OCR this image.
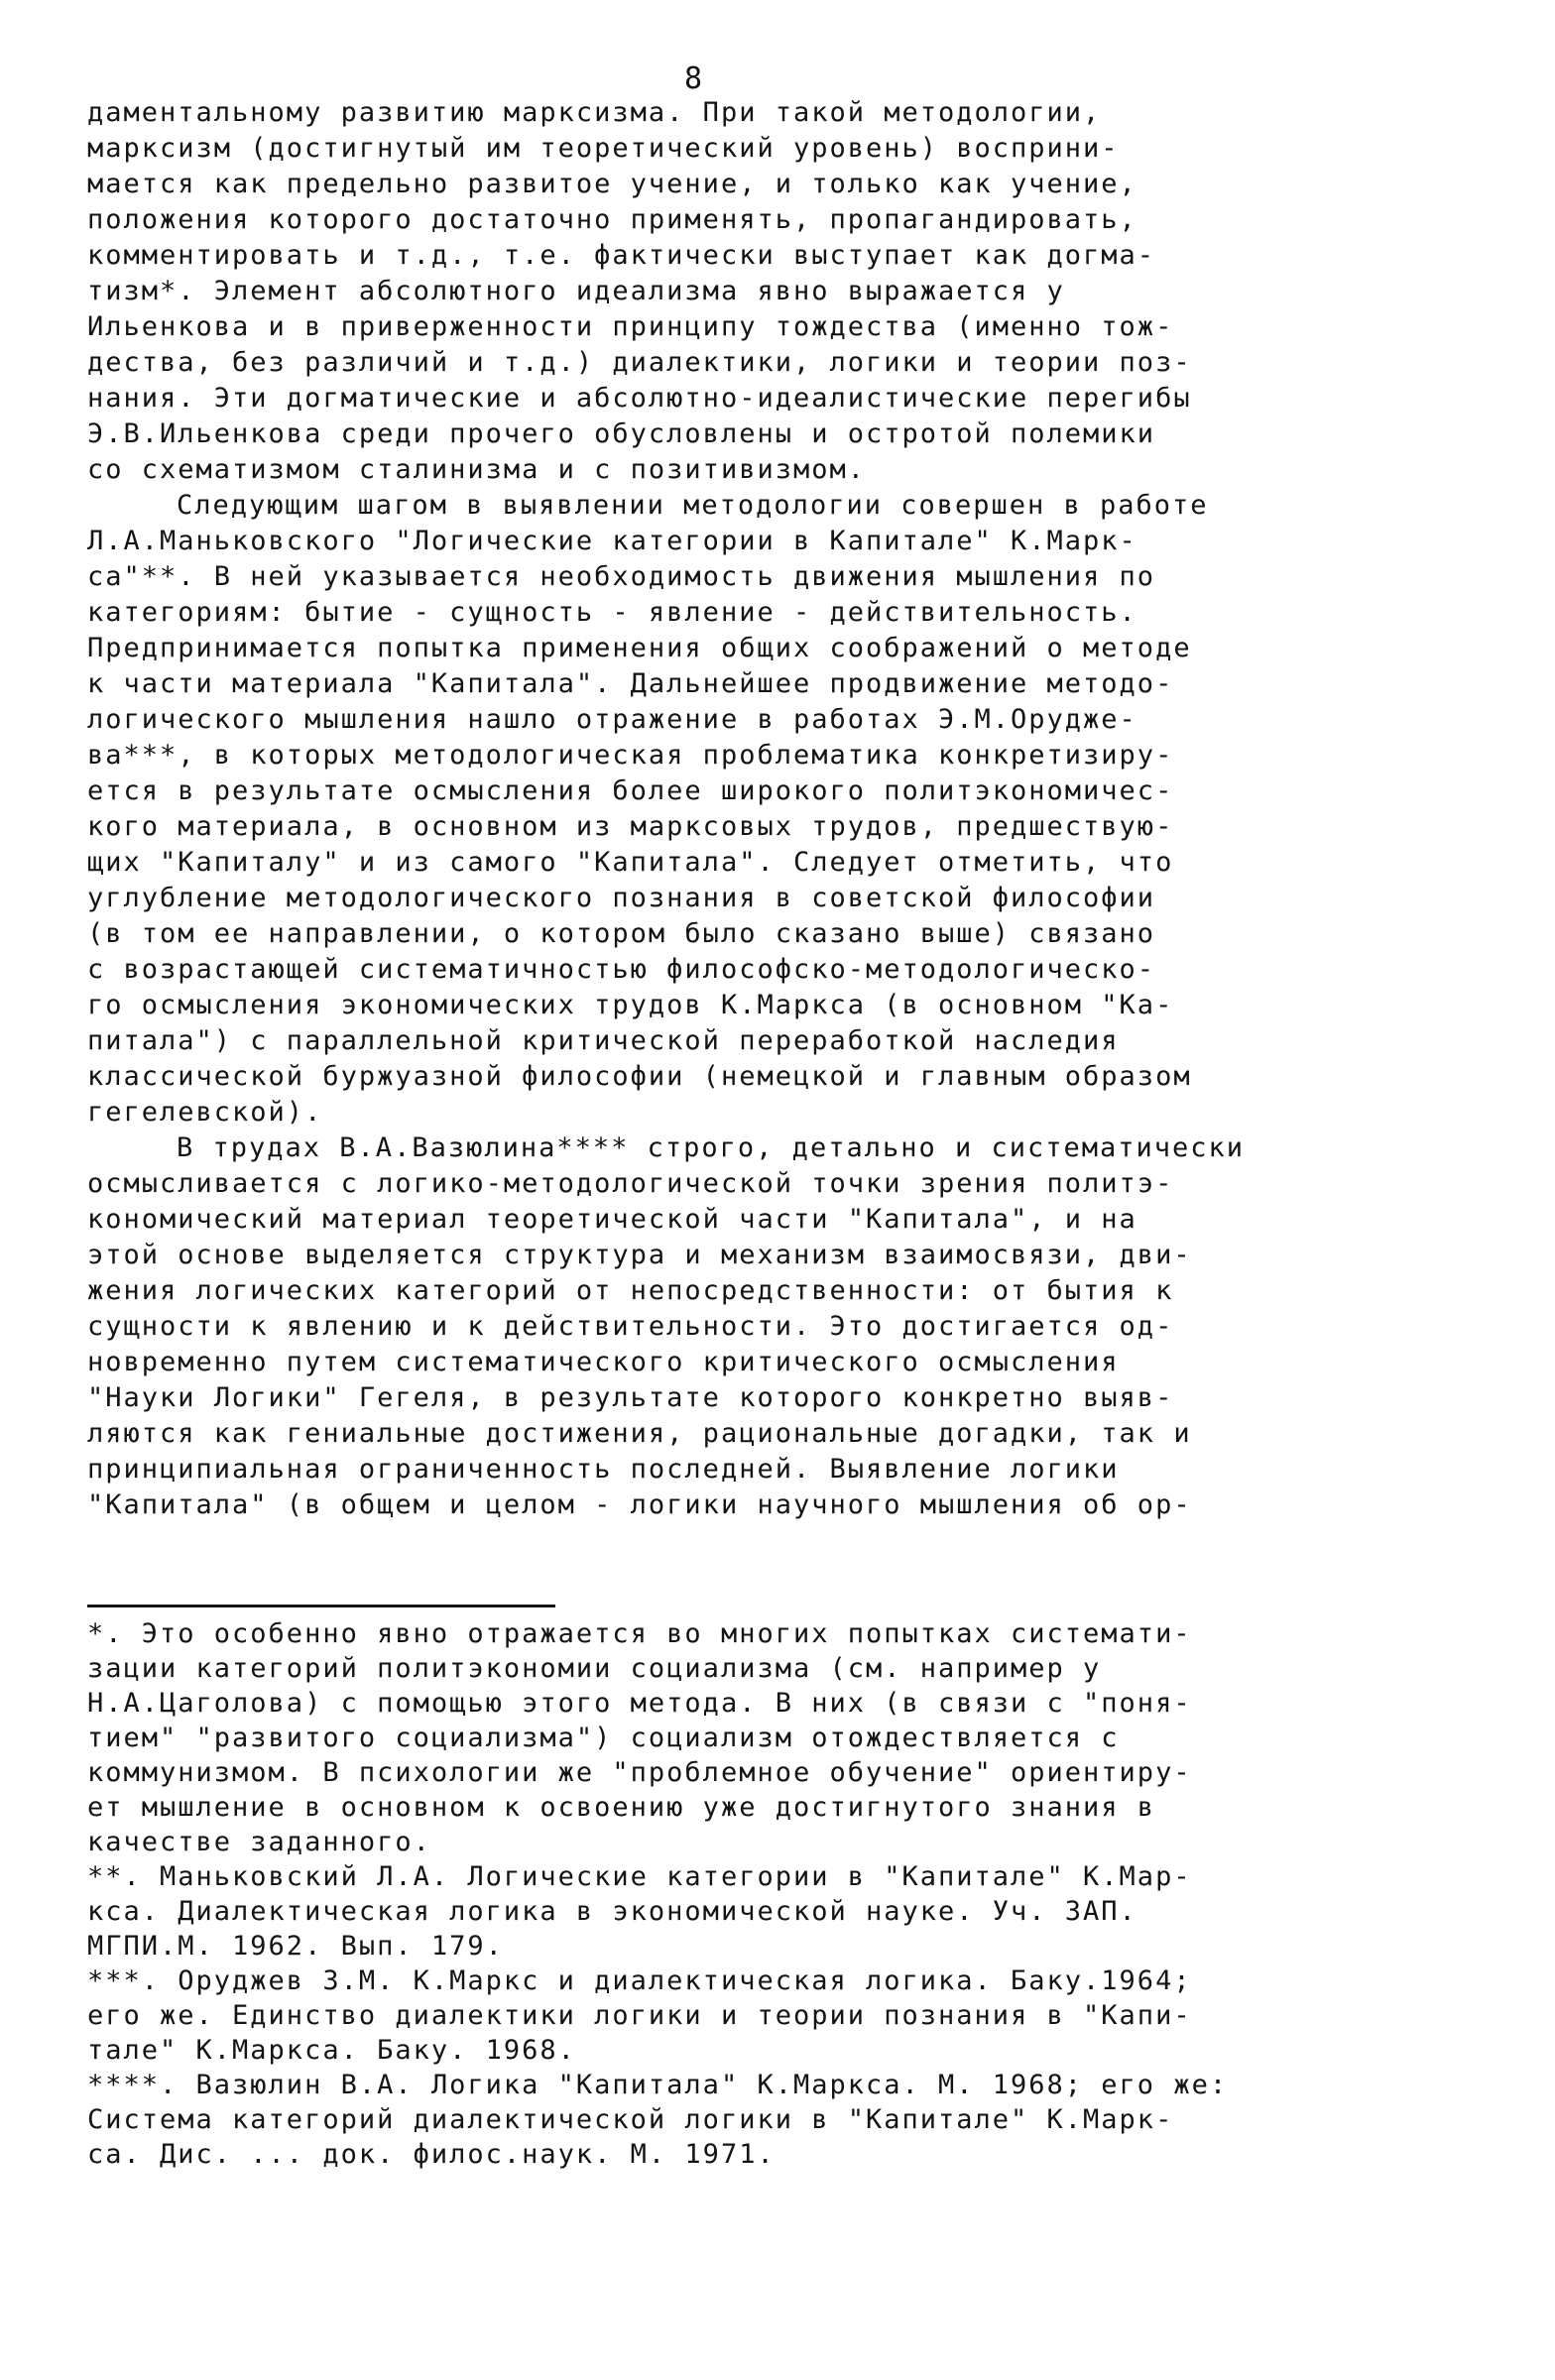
8
даментальному развитию марксизма. При такой методологии,
марксизм (достигнутый им теоретический уровень) восприни-
мается как предельно развитое учение, и только как учение,
положения которого достаточно применять, пропагандировать,
комментировать и т.д., т.е. фактически выступает как догма-
тизм*. Элемент абсолютного идеализма явно выражается у
Ильенкова и в приверженности принципу тождества (именно тож-
дества, без различий и т.д.) диалектики, логики и теории поз-
нания. Эти догматические и абсолютно-идеалистические перегибы
Э.В.Ильенкова среди прочего обусловлены и остротой полемики
со схематизмом сталинизма и с позитивизмом.
Следующим шагом в выявлении методологии совершен в работе
Л.А.Маньковского "Логические категории в Капитале" К.Марк-
са"**. В ней указывается необходимость движения мышления по
категориям: бытие - сущность - явление - действительность.
Предпринимается попытка применения общих соображений о методе
к части материала "Капитала". Дальнейшее продвижение методо-
логического мышления нашло отражение в работах Э.М.Оруджe-
ва***, в которых методологическая проблематика конкретизиру-
ется в результате осмысления более широкого политэкономичес-
кого материала, в основном из марксовых трудов, предшествую-
щих "Капиталу" и из самого "Капитала". Следует отметить, что
углубление методологического познания в советской философии
(в том ее направлении, о котором было сказано выше) связано
с возрастающей систематичностью философско-методологическо-
го осмысления экономических трудов К.Маркса (в основном "Ка-
питала") с параллельной критической переработкой наследия
классической буржуазной философии (немецкой и главным образом
гегелевской).
В трудах В.А.Вазюлина**** строго, детально и систематически
осмысливается с логико-методологической точки зрения политэ-
кономический материал теоретической части "Капитала", и на
этой основе выделяется структура и механизм взаимосвязи, дви-
жения логических категорий от непосредственности: от бытия к
сущности к явлению и к действительности. Это достигается од-
новременно путем систематического критического осмысления
"Науки Логики" Гегеля, в результате которого конкретно выяв-
ляются как гениальные достижения, рациональные догадки, так и
принципиальная ограниченность последней. Выявление логики
"Капитала" (в общем и целом - логики научного мышления об ор-
*. Это особенно явно отражается во многих попытках системати-
зации категорий политэкономии социализма (см. например у
Н.А.Цаголова) с помощью этого метода. В них (в связи с "поня-
тием" "развитого социализма") социализм отождествляется с
коммунизмом. В психологии же "проблемное обучение" ориентиру-
ет мышление в основном к освоению уже достигнутого знания в
качестве заданного.
**. Маньковский Л.А. Логические категории в "Капитале" К.Мар-
кса. Диалектическая логика в экономической науке. Уч. ЗАП.
МГПИ.М. 1962. Вып. 179.
***. Оруджев З.М. К.Маркс и диалектическая логика. Баку.1964;
его же. Единство диалектики логики и теории познания в "Капи-
тале" К.Маркса. Баку. 1968.
****. Вазюлин В.А. Логика "Капитала" К.Маркса. М. 1968; его же:
Система категорий диалектической логики в "Капитале" К.Марк-
са. Дис. ... док. филос.наук. М. 1971.
